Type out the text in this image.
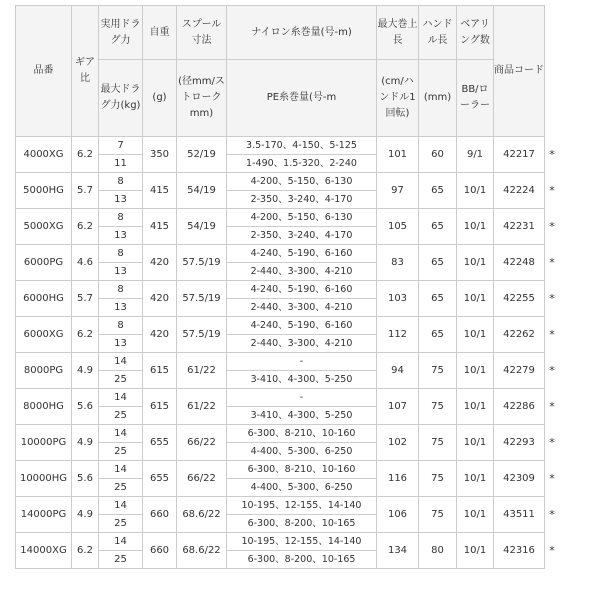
品番	ギア比	実用ドラグ力	自重	スプール寸法	ナイロン糸巻量(号-m)	最大巻上長	ハンドル長	ベアリング数	商品コード	
		最大ドラグ力(kg)	(g)	(径mm/ストロークmm)	PE糸巻量(号-m	(cm/ハンドル1回転)	(mm)	BB/ローラー		
4000XG	6.2	7	350	52/19	3.5-170、4-150、5-125	101	60	9/1	42217	*
		11			1-490、1.5-320、2-240					
5000HG	5.7	8	415	54/19	4-200、5-150、6-130	97	65	10/1	42224	*
		13			2-350、3-240、4-170					
5000XG	6.2	8	415	54/19	4-200、5-150、6-130	105	65	10/1	42231	*
		13			2-350、3-240、4-170					
6000PG	4.6	8	420	57.5/19	4-240、5-190、6-160	83	65	10/1	42248	*
		13			2-440、3-300、4-210					
6000HG	5.7	8	420	57.5/19	4-240、5-190、6-160	103	65	10/1	42255	*
		13			2-440、3-300、4-210					
6000XG	6.2	8	420	57.5/19	4-240、5-190、6-160	112	65	10/1	42262	*
		13			2-440、3-300、4-210					
8000PG	4.9	14	615	61/22	-	94	75	10/1	42279	*
		25			3-410、4-300、5-250					
8000HG	5.6	14	615	61/22	-	107	75	10/1	42286	*
		25			3-410、4-300、5-250					
10000PG	4.9	14	655	66/22	6-300、8-210、10-160	102	75	10/1	42293	*
		25			4-400、5-300、6-250					
10000HG	5.6	14	655	66/22	6-300、8-210、10-160	116	75	10/1	42309	*
		25			4-400、5-300、6-250					
14000PG	4.9	14	660	68.6/22	10-195、12-155、14-140	106	75	10/1	43511	*
		25			6-300、8-200、10-165					
14000XG	6.2	14	660	68.6/22	10-195、12-155、14-140	134	80	10/1	42316	*
		25			6-300、8-200、10-165					
